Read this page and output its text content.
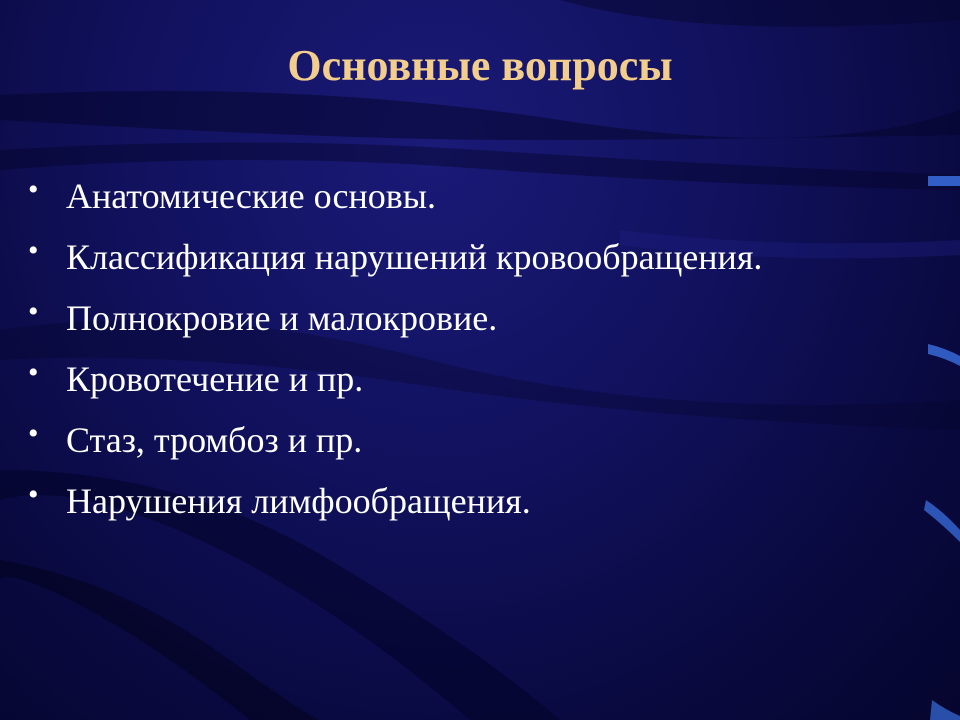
Основные вопросы
• Анатомические основы.
• Классификация нарушений кровообращения.
• Полнокровие и малокровие.
• Кровотечение и пр.
• Стаз, тромбоз и пр.
• Нарушения лимфообращения.
